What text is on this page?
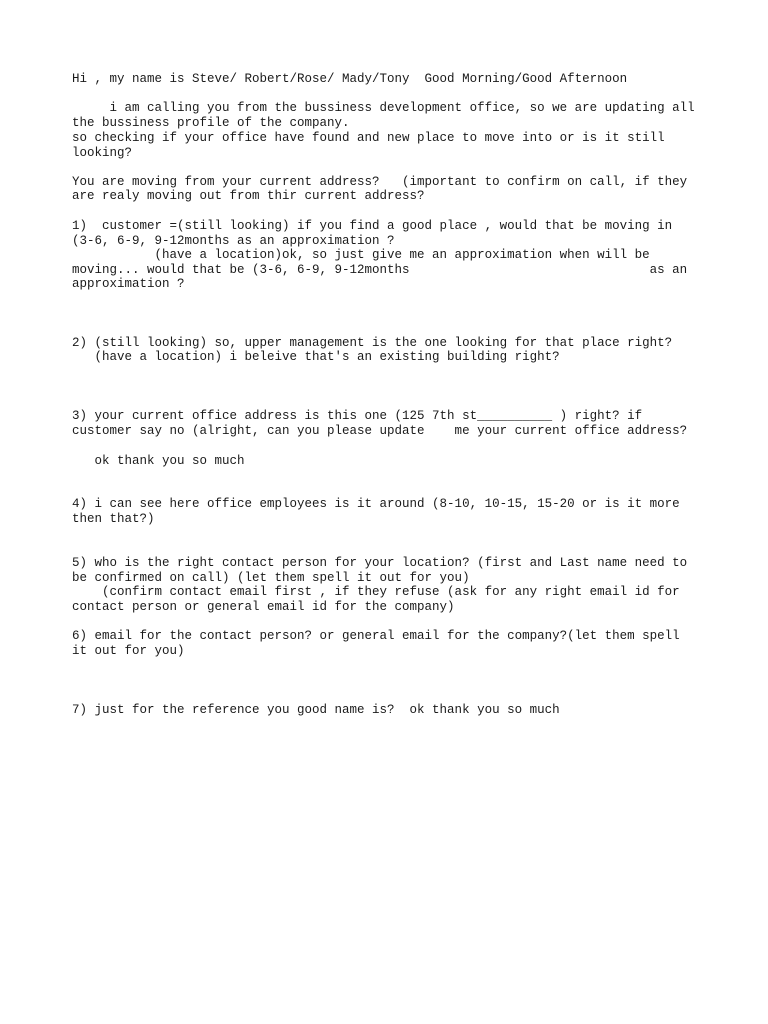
Hi , my name is Steve/ Robert/Rose/ Mady/Tony  Good Morning/Good Afternoon

i am calling you from the bussiness development office, so we are updating all

the bussiness profile of the company.

so checking if your office have found and new place to move into or is it still

looking?

You are moving from your current address?   (important to confirm on call, if they

are realy moving out from thir current address?

1)  customer =(still looking) if you find a good place , would that be moving in

(3-6, 6-9, 9-12months as an approximation ?

(have a location)ok, so just give me an approximation when will be

moving... would that be (3-6, 6-9, 9-12months                                as an

approximation ?

2) (still looking) so, upper management is the one looking for that place right?

(have a location) i beleive that's an existing building right?

3) your current office address is this one (125 7th st__________ ) right? if

customer say no (alright, can you please update    me your current office address?

ok thank you so much

4) i can see here office employees is it around (8-10, 10-15, 15-20 or is it more

then that?)

5) who is the right contact person for your location? (first and Last name need to

be confirmed on call) (let them spell it out for you)

(confirm contact email first , if they refuse (ask for any right email id for

contact person or general email id for the company)

6) email for the contact person? or general email for the company?(let them spell

it out for you)

7) just for the reference you good name is?  ok thank you so much
